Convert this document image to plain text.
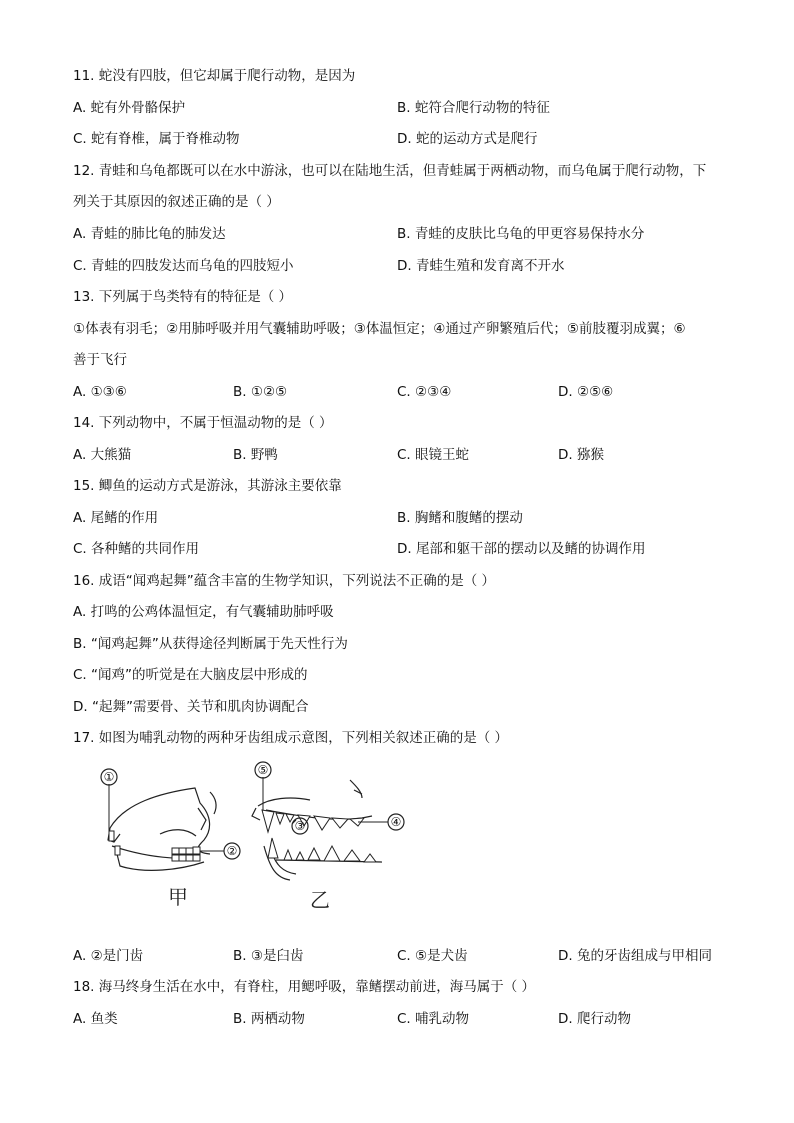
11. 蛇没有四肢，但它却属于爬行动物，是因为
A. 蛇有外骨骼保护	B. 蛇符合爬行动物的特征
C. 蛇有脊椎，属于脊椎动物	D. 蛇的运动方式是爬行
12. 青蛙和乌龟都既可以在水中游泳，也可以在陆地生活，但青蛙属于两栖动物，而乌龟属于爬行动物，下
列关于其原因的叙述正确的是（ ）
A. 青蛙的肺比龟的肺发达	B. 青蛙的皮肤比乌龟的甲更容易保持水分
C. 青蛙的四肢发达而乌龟的四肢短小	D. 青蛙生殖和发育离不开水
13. 下列属于鸟类特有的特征是（ ）
①体表有羽毛；②用肺呼吸并用气囊辅助呼吸；③体温恒定；④通过产卵繁殖后代；⑤前肢覆羽成翼；⑥
善于飞行
A. ①③⑥	B. ①②⑤	C. ②③④	D. ②⑤⑥
14. 下列动物中，不属于恒温动物的是（ ）
A. 大熊猫	B. 野鸭	C. 眼镜王蛇	D. 猕猴
15. 鲫鱼的运动方式是游泳，其游泳主要依靠
A. 尾鳍的作用	B. 胸鳍和腹鳍的摆动
C. 各种鳍的共同作用	D. 尾部和躯干部的摆动以及鳍的协调作用
16. 成语“闻鸡起舞”蕴含丰富的生物学知识，下列说法不正确的是（ ）
A. 打鸣的公鸡体温恒定，有气囊辅助肺呼吸
B. “闻鸡起舞”从获得途径判断属于先天性行为
C. “闻鸡”的听觉是在大脑皮层中形成的
D. “起舞”需要骨、关节和肌肉协调配合
17. 如图为哺乳动物的两种牙齿组成示意图，下列相关叙述正确的是（ ）
①
②
甲
⑤
③	④
乙
A. ②是门齿	B. ③是臼齿	C. ⑤是犬齿	D. 兔的牙齿组成与甲相同
18. 海马终身生活在水中，有脊柱，用鳃呼吸，靠鳍摆动前进，海马属于（ ）
A. 鱼类	B. 两栖动物	C. 哺乳动物	D. 爬行动物
